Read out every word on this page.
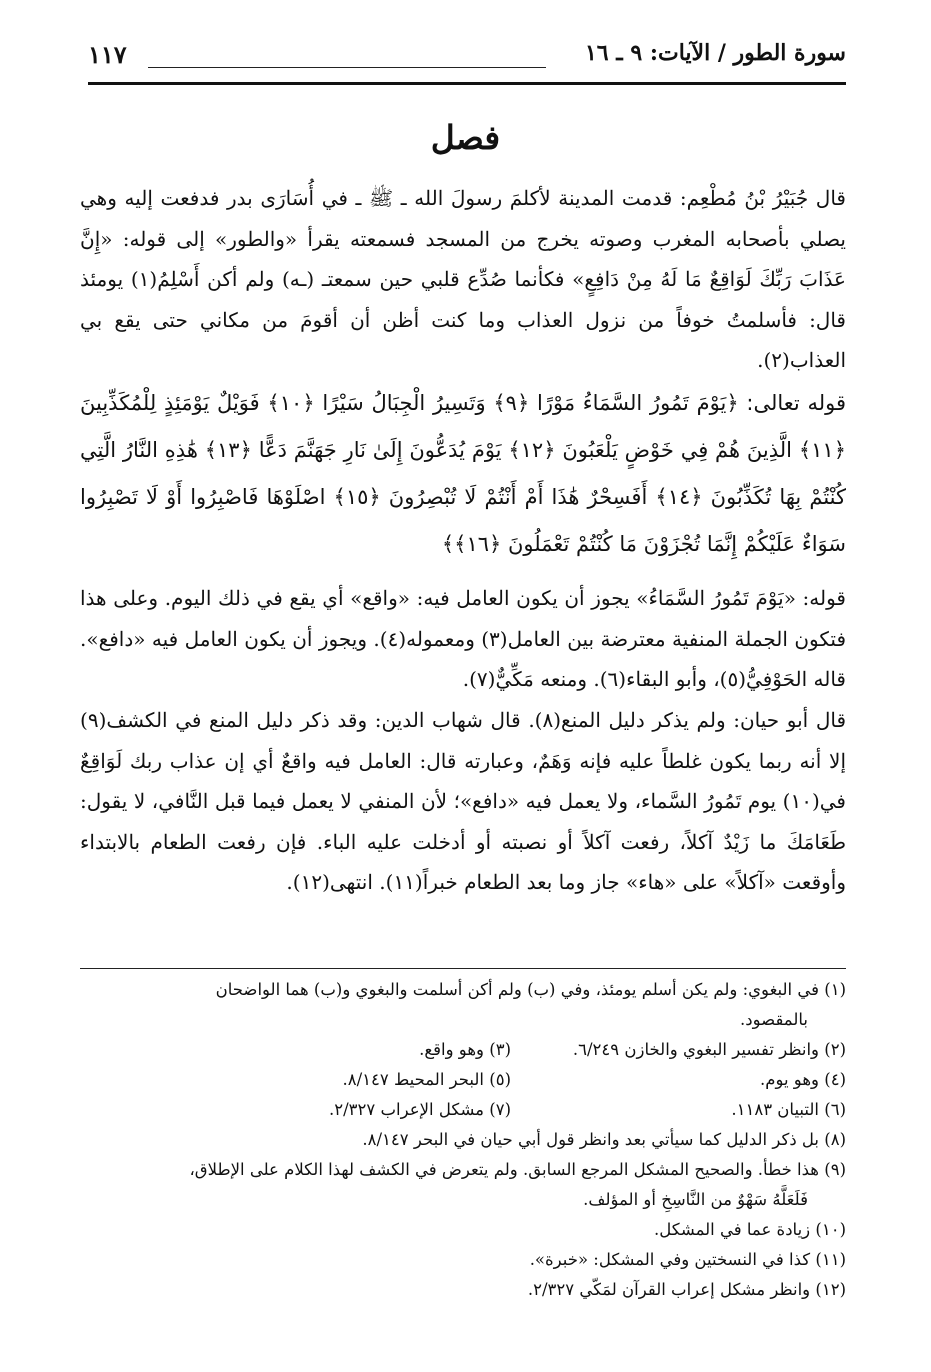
١١٧	سورة الطور / الآيات: ٩ ـ ١٦
فصل

قال جُبَيْرُ بْنُ مُطْعِم: قدمت المدينة لأكلمَ رسولَ الله ـ ﷺ ـ في أُسَارَى بدر فدفعت إليه وهي يصلي بأصحابه المغرب وصوته يخرج من المسجد فسمعته يقرأ «والطور» إلى قوله: «إِنَّ عَذَابَ رَبِّكَ لَوَاقِعٌ مَا لَهُ مِنْ دَافِعٍ» فكأنما صُدِّع قلبي حين سمعتـ (ـه) ولم أكن أَسْلِمُ(١) يومئذ قال: فأسلمتُ خوفاً من نزول العذاب وما كنت أظن أن أقومَ من مكاني حتى يقع بي العذاب(٢).

قوله تعالى: ﴿يَوْمَ تَمُورُ السَّمَاءُ مَوْرًا ﴿٩﴾ وَتَسِيرُ الْجِبَالُ سَيْرًا ﴿١٠﴾ فَوَيْلٌ يَوْمَئِذٍ لِلْمُكَذِّبِينَ ﴿١١﴾ الَّذِينَ هُمْ فِي خَوْضٍ يَلْعَبُونَ ﴿١٢﴾ يَوْمَ يُدَعُّونَ إِلَىٰ نَارِ جَهَنَّمَ دَعًّا ﴿١٣﴾ هَٰذِهِ النَّارُ الَّتِي كُنْتُمْ بِهَا تُكَذِّبُونَ ﴿١٤﴾ أَفَسِحْرٌ هَٰذَا أَمْ أَنْتُمْ لَا تُبْصِرُونَ ﴿١٥﴾ اصْلَوْهَا فَاصْبِرُوا أَوْ لَا تَصْبِرُوا سَوَاءٌ عَلَيْكُمْ إِنَّمَا تُجْزَوْنَ مَا كُنْتُمْ تَعْمَلُونَ ﴿١٦﴾﴾

قوله: «يَوْمَ تَمُورُ السَّمَاءُ» يجوز أن يكون العامل فيه: «واقع» أي يقع في ذلك اليوم. وعلى هذا فتكون الجملة المنفية معترضة بين العامل(٣) ومعموله(٤). ويجوز أن يكون العامل فيه «دافع». قاله الحَوْفِيُّ(٥)، وأبو البقاء(٦). ومنعه مَكِّيٌّ(٧).

قال أبو حيان: ولم يذكر دليل المنع(٨). قال شهاب الدين: وقد ذكر دليل المنع في الكشف(٩) إلا أنه ربما يكون غلطاً عليه فإنه وَهَمٌ، وعبارته قال: العامل فيه واقعٌ أي إن عذاب ربك لَوَاقِعٌ في(١٠) يوم تَمُورُ السَّماء، ولا يعمل فيه «دافع»؛ لأن المنفي لا يعمل فيما قبل النَّافي، لا يقول: طَعَامَكَ ما زَيْدٌ آكلاً، رفعت آكلاً أو نصبته أو أدخلت عليه الباء. فإن رفعت الطعام بالابتداء وأوقعت «آكلاً» على «هاء» جاز وما بعد الطعام خبراً(١١). انتهى(١٢).

(١) في البغوي: ولم يكن أسلم يومئذ، وفي (ب) ولم أكن أسلمت والبغوي و(ب) هما الواضحان
بالمقصود.
(٢) وانظر تفسير البغوي والخازن ٦/٢٤٩.
(٣) وهو واقع.
(٤) وهو يوم.
(٥) البحر المحيط ٨/١٤٧.
(٦) التبيان ١١٨٣.
(٧) مشكل الإعراب ٢/٣٢٧.
(٨) بل ذكر الدليل كما سيأتي بعد وانظر قول أبي حيان في البحر ٨/١٤٧.
(٩) هذا خطأ. والصحيح المشكل المرجع السابق. ولم يتعرض في الكشف لهذا الكلام على الإطلاق،
فَلَعَلَّهُ سَهْوٌ من النَّاسِخِ أو المؤلف.
(١٠) زيادة عما في المشكل.
(١١) كذا في النسختين وفي المشكل: «خبرة».
(١٢) وانظر مشكل إعراب القرآن لمَكّي ٢/٣٢٧.
